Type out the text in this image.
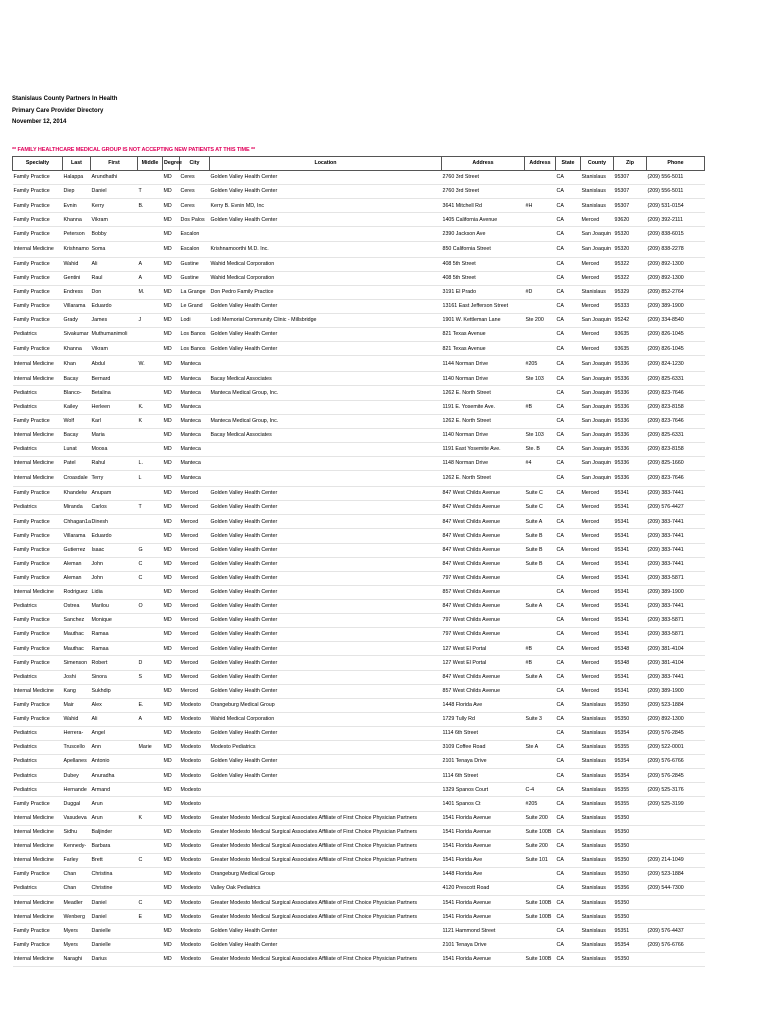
Stanislaus County Partners In Health
Primary Care Provider Directory
November 12, 2014
** FAMILY HEALTHCARE MEDICAL GROUP IS NOT ACCEPTING NEW PATIENTS AT THIS TIME **
Specialty	Last	First	Middle	Degree	City	Location	Address	Address	State	County	Zip	Phone
Family Practice	Halappa	Arundhathi		MD	Ceres	Golden Valley Health Center	2760 3rd Street		CA	Stanislaus	95307	(209) 556-5011
Family Practice	Diep	Daniel	T	MD	Ceres	Golden Valley Health Center	2760 3rd Street		CA	Stanislaus	95307	(209) 556-5011
Family Practice	Evnin	Kerry	B.	MD	Ceres	Kerry B. Evnin MD, Inc	3641 Mitchell Rd	#H	CA	Stanislaus	95307	(209) 531-0154
Family Practice	Khanna	Vikram		MD	Dos Palos	Golden Valley Health Center	1405 California Avenue		CA	Merced	93620	(209) 392-2111
Family Practice	Peterson	Bobby		MD	Escalon		2390 Jackson Ave		CA	San Joaquin	95320	(209) 838-6015
Internal Medicine	Krishnamo	Soma		MD	Escalon	Krishnamoorthi M.D. Inc.	850 California Street		CA	San Joaquin	95320	(209) 838-2278
Family Practice	Wahid	Ali	A	MD	Gustine	Wahid Medical Corporation	408 5th Street		CA	Merced	95322	(209) 892-1300
Family Practice	Gentini	Raul	A	MD	Gustine	Wahid Medical Corporation	408 5th Street		CA	Merced	95322	(209) 892-1300
Family Practice	Endress	Don	M.	MD	La Grange	Don Pedro Family Practice	3191 El Prado	#D	CA	Stanislaus	95329	(209) 852-2764
Family Practice	Villarama	Eduardo		MD	Le Grand	Golden Valley Health Center	13161 East Jefferson Street		CA	Merced	95333	(209) 389-1900
Family Practice	Grady	James	J	MD	Lodi	Lodi Memorial Community Clinic - Millsbridge	1901 W. Kettleman Lane	Ste 200	CA	San Joaquin	95242	(209) 334-8540
Pediatrics	Sivakumar	Muthumanimoli		MD	Los Banos	Golden Valley Health Center	821 Texas Avenue		CA	Merced	93635	(209) 826-1045
Family Practice	Khanna	Vikram		MD	Los Banos	Golden Valley Health Center	821 Texas Avenue		CA	Merced	93635	(209) 826-1045
Internal Medicine	Khan	Abdul	W.	MD	Manteca		1144 Norman Drive	#205	CA	San Joaquin	95336	(209) 824-1230
Internal Medicine	Bacay	Bernard		MD	Manteca	Bacay Medical Associates	1140 Norman Drive	Ste 103	CA	San Joaquin	95336	(209) 825-6331
Pediatrics	Blanco-	Betalina		MD	Manteca	Manteca Medical Group, Inc.	1262 E. North Street		CA	San Joaquin	95336	(209) 823-7646
Pediatrics	Kailey	Herleen	K.	MD	Manteca		1191 E. Yosemite Ave.	#B	CA	San Joaquin	95336	(209) 823-8158
Family Practice	Wolf	Karl	K	MD	Manteca	Manteca Medical Group, Inc.	1262 E. North Street		CA	San Joaquin	95336	(209) 823-7646
Internal Medicine	Bacay	Maria		MD	Manteca	Bacay Medical Associates	1140 Norman Drive	Ste 103	CA	San Joaquin	95336	(209) 825-6331
Pediatrics	Lunat	Moosa		MD	Manteca		1191 East Yosemite Ave.	Ste. B	CA	San Joaquin	95336	(209) 823-8158
Internal Medicine	Patel	Rahul	L.	MD	Manteca		1148 Norman Drive	#4	CA	San Joaquin	95336	(209) 825-1660
Internal Medicine	Croasdale	Terry	L	MD	Manteca		1262 E. North Street		CA	San Joaquin	95336	(209) 823-7646
Family Practice	Khandelw	Anupam		MD	Merced	Golden Valley Health Center	847 West Childs Avenue	Suite C	CA	Merced	95341	(209) 383-7441
Pediatrics	Miranda	Carlos	T	MD	Merced	Golden Valley Health Center	847 West Childs Avenue	Suite C	CA	Merced	95341	(209) 576-4427
Family Practice	Chhagan1a	Dinesh		MD	Merced	Golden Valley Health Center	847 West Childs Avenue	Suite A	CA	Merced	95341	(209) 383-7441
Family Practice	Villarama	Eduardo		MD	Merced	Golden Valley Health Center	847 West Childs Avenue	Suite B	CA	Merced	95341	(209) 383-7441
Family Practice	Gutierrez	Isaac	G	MD	Merced	Golden Valley Health Center	847 West Childs Avenue	Suite B	CA	Merced	95341	(209) 383-7441
Family Practice	Aleman	John	C	MD	Merced	Golden Valley Health Center	847 West Childs Avenue	Suite B	CA	Merced	95341	(209) 383-7441
Family Practice	Aleman	John	C	MD	Merced	Golden Valley Health Center	797 West Childs Avenue		CA	Merced	95341	(209) 383-5871
Internal Medicine	Rodriguez	Lidia		MD	Merced	Golden Valley Health Center	857 West Childs Avenue		CA	Merced	95341	(209) 389-1900
Pediatrics	Ostrea	Marilou	O	MD	Merced	Golden Valley Health Center	847 West Childs Avenue	Suite A	CA	Merced	95341	(209) 383-7441
Family Practice	Sanchez	Monique		MD	Merced	Golden Valley Health Center	797 West Childs Avenue		CA	Merced	95341	(209) 383-5871
Family Practice	Mauthac	Ramaa		MD	Merced	Golden Valley Health Center	797 West Childs Avenue		CA	Merced	95341	(209) 383-5871
Family Practice	Mauthac	Ramaa		MD	Merced	Golden Valley Health Center	127 West El Portal	#B	CA	Merced	95348	(209) 381-4104
Family Practice	Simenson	Robert	D	MD	Merced	Golden Valley Health Center	127 West El Portal	#B	CA	Merced	95348	(209) 381-4104
Pediatrics	Joshi	Sinora	S	MD	Merced	Golden Valley Health Center	847 West Childs Avenue	Suite A	CA	Merced	95341	(209) 383-7441
Internal Medicine	Kang	Sukhdip		MD	Merced	Golden Valley Health Center	857 West Childs Avenue		CA	Merced	95341	(209) 389-1900
Family Practice	Mair	Alex	E.	MD	Modesto	Orangeburg Medical Group	1448 Florida Ave		CA	Stanislaus	95350	(209) 523-1884
Family Practice	Wahid	Ali	A	MD	Modesto	Wahid Medical Corporation	1729 Tully Rd	Suite 3	CA	Stanislaus	95350	(209) 892-1300
Pediatrics	Herrera-	Angel		MD	Modesto	Golden Valley Health Center	1114 6th Street		CA	Stanislaus	95354	(209) 576-2845
Pediatrics	Truscello	Ann	Marie	MD	Modesto	Modesto Pediatrics	3109 Coffee Road	Ste A	CA	Stanislaus	95355	(209) 522-0001
Pediatrics	Apellanes	Antonio		MD	Modesto	Golden Valley Health Center	2101 Tenaya Drive		CA	Stanislaus	95354	(209) 576-6766
Pediatrics	Dubey	Anuradha		MD	Modesto	Golden Valley Health Center	1114 6th Street		CA	Stanislaus	95354	(209) 576-2845
Pediatrics	Hernande	Armand		MD	Modesto		1329 Spanos Court	C-4	CA	Stanislaus	95355	(209) 525-3176
Family Practice	Duggal	Arun		MD	Modesto		1401 Spanos Ct	#205	CA	Stanislaus	95355	(209) 525-3199
Internal Medicine	Vasudeva	Arun	K	MD	Modesto	Greater Modesto Medical Surgical Associates Affiliate of First Choice Physician Partners	1541 Florida Avenue	Suite 200	CA	Stanislaus	95350	
Internal Medicine	Sidhu	Baljinder		MD	Modesto	Greater Modesto Medical Surgical Associates Affiliate of First Choice Physician Partners	1541 Florida Avenue	Suite 100B	CA	Stanislaus	95350	
Internal Medicine	Kennedy-	Barbara		MD	Modesto	Greater Modesto Medical Surgical Associates Affiliate of First Choice Physician Partners	1541 Florida Avenue	Suite 200	CA	Stanislaus	95350	
Internal Medicine	Farley	Brett	C	MD	Modesto	Greater Modesto Medical Surgical Associates Affiliate of First Choice Physician Partners	1541 Florida Ave	Suite 101	CA	Stanislaus	95350	(209) 214-1049
Family Practice	Chan	Christina		MD	Modesto	Orangeburg Medical Group	1448 Florida Ave		CA	Stanislaus	95350	(209) 523-1884
Pediatrics	Chan	Christine		MD	Modesto	Valley Oak Pediatrics	4120 Prescott Road		CA	Stanislaus	95356	(209) 544-7300
Internal Medicine	Meadler	Daniel	C	MD	Modesto	Greater Modesto Medical Surgical Associates Affiliate of First Choice Physician Partners	1541 Florida Avenue	Suite 100B	CA	Stanislaus	95350	
Internal Medicine	Wenberg	Daniel	E	MD	Modesto	Greater Modesto Medical Surgical Associates Affiliate of First Choice Physician Partners	1541 Florida Avenue	Suite 100B	CA	Stanislaus	95350	
Family Practice	Myers	Danielle		MD	Modesto	Golden Valley Health Center	1121 Hammond Street		CA	Stanislaus	95351	(209) 576-4437
Family Practice	Myers	Danielle		MD	Modesto	Golden Valley Health Center	2101 Tenaya Drive		CA	Stanislaus	95354	(209) 576-6766
Internal Medicine	Naraghi	Darius		MD	Modesto	Greater Modesto Medical Surgical Associates Affiliate of First Choice Physician Partners	1541 Florida Avenue	Suite 100B	CA	Stanislaus	95350	
